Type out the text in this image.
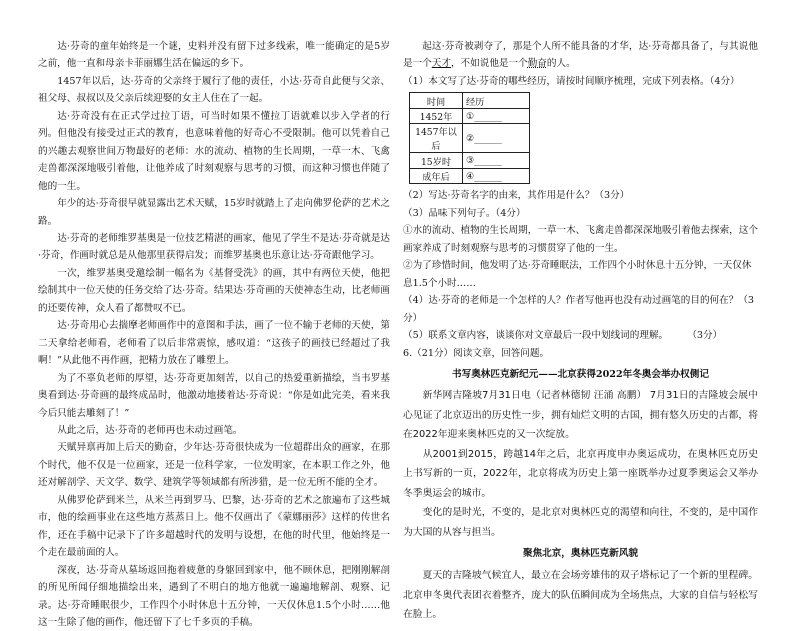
达·芬奇的童年始终是一个谜，史料并没有留下过多线索，唯一能确定的是5岁之前，他一直和母亲卡菲丽娜生活在偏远的乡下。

1457年以后，达·芬奇的父亲终于履行了他的责任，小达·芬奇自此便与父亲、祖父母、叔叔以及父亲后续迎娶的女主人住在了一起。

达·芬奇没有在正式学过拉丁语，可当时如果不懂拉丁语就难以步入学者的行列。但他没有接受过正式的教育，也意味着他的好奇心不受限制。他可以凭着自己的兴趣去观察世间万物最好的老师：水的流动、植物的生长周期，一草一木、飞禽走兽都深深地吸引着他，让他养成了时刻观察与思考的习惯，而这种习惯也伴随了他的一生。

年少的达·芬奇很早就显露出艺术天赋，15岁时就踏上了走向佛罗伦萨的艺术之路。

达·芬奇的老师维罗基奥是一位技艺精湛的画家，他见了学生不是达·芬奇就是达·芬奇，作画时就总是从他那里获得启发；而维罗基奥也乐意让达·芬奇跟他学习。

一次，维罗基奥受邀绘制一幅名为《基督受洗》的画，其中有两位天使，他把绘制其中一位天使的任务交给了达·芬奇。结果达·芬奇画的天使神态生动，比老师画的还要传神，众人看了都赞叹不已。

达·芬奇用心去揣摩老师画作中的意图和手法，画了一位不输于老师的天使，第二天拿给老师看，老师看了以后非常震惊，感叹道：“这孩子的画技已经超过了我啊！”从此他不再作画，把精力放在了雕塑上。

为了不辜负老师的厚望，达·芬奇更加刻苦，以自己的热爱重新描绘，当韦罗基奥看到达·芬奇画的最终成品时，他激动地搂着达·芬奇说：“你是如此完美，看来我今后只能去雕刻了！”

从此之后，达·芬奇的老师再也未动过画笔。

天赋异禀再加上后天的勤奋，少年达·芬奇很快成为一位超群出众的画家，在那个时代，他不仅是一位画家，还是一位科学家，一位发明家，在本职工作之外，他还对解剖学、天文学、数学、建筑学等领域都有所涉猎，是一位无所不能的全才。

从佛罗伦萨到米兰，从米兰再到罗马、巴黎，达·芬奇的艺术之旅遍布了这些城市，他的绘画事业在这些地方蒸蒸日上。他不仅画出了《蒙娜丽莎》这样的传世名作，还在手稿中记录下了许多超越时代的发明与设想，在他的时代里，他始终是一个走在最前面的人。

深夜，达·芬奇从墓场返回拖着疲惫的身躯回到家中，他不顾休息，把刚刚解剖的所见所闻仔细地描绘出来，遇到了不明白的地方他就一遍遍地解剖、观察、记录。达·芬奇睡眠很少，工作四个小时休息十五分钟，一天仅休息1.5个小时……他这一生除了他的画作，他还留下了七千多页的手稿。

起这·芬奇被剥夺了，那是个人所不能具备的才华，达·芬奇都具备了，与其说他是一个天才，不如说他是一个勤奋的人。

（1）本文写了达·芬奇的哪些经历，请按时间顺序梳理，完成下列表格。（4分）

时间	经历
1452年	①______
1457年以后	②______
15岁时	③______
成年后	④______

（2）写达·芬奇名字的由来，其作用是什么？（3分）

（3）品味下列句子。（4分）

①水的流动、植物的生长周期，一草一木、飞禽走兽都深深地吸引着他去探索，这个画家养成了时刻观察与思考的习惯贯穿了他的一生。

②为了珍惜时间，他发明了达·芬奇睡眠法，工作四个小时休息十五分钟，一天仅休息1.5个小时……

（4）达·芬奇的老师是一个怎样的人？作者写他再也没有动过画笔的目的何在？（3分）

（5）联系文章内容，谈谈你对文章最后一段中划线词的理解。　　　（3分）

6.（21分）阅读文章，回答问题。

书写奥林匹克新纪元——北京获得2022年冬奥会举办权侧记

新华网吉隆坡7月31日电（记者林德韧 汪涌 高鹏） 7月31日的吉隆坡会展中心见证了北京迈出的历史性一步，拥有灿烂文明的古国，拥有悠久历史的古都，将在2022年迎来奥林匹克的又一次绽放。

从2001到2015，跨越14年之后，北京再度申办奥运成功，在奥林匹克历史上书写新的一页，2022年，北京将成为历史上第一座既举办过夏季奥运会又举办冬季奥运会的城市。

变化的是时光，不变的，是北京对奥林匹克的渴望和向往，不变的，是中国作为大国的从容与担当。

聚焦北京，奥林匹克新风貌

夏天的吉隆坡气候宜人，最立在会场旁雄伟的双子塔标记了一个新的里程碑。北京申冬奥代表团衣着整齐，庞大的队伍瞬间成为全场焦点，大家的自信与轻松写在脸上。
